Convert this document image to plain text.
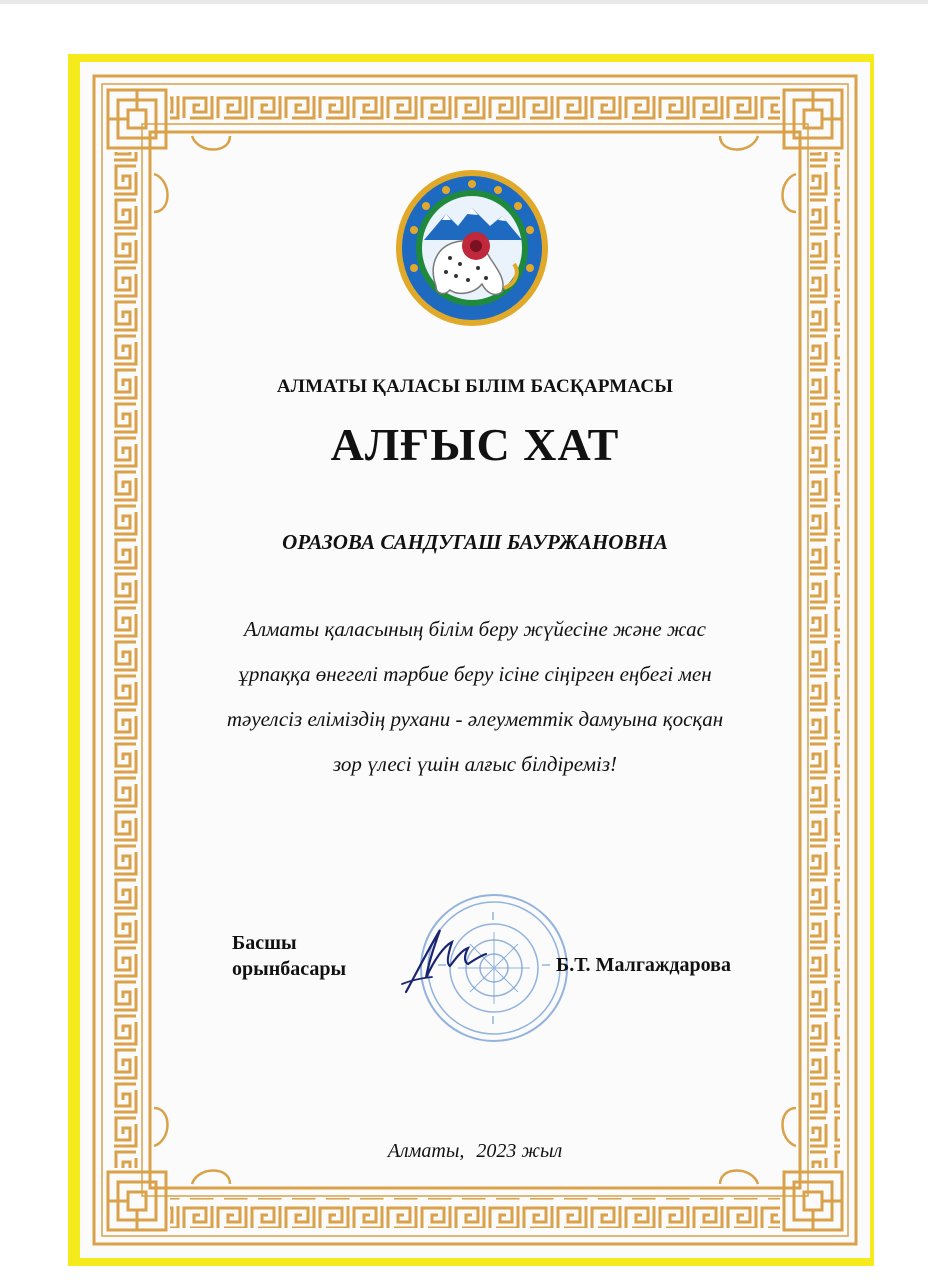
АЛМАТЫ ҚАЛАСЫ БІЛІМ БАСҚАРМАСЫ
АЛҒЫС ХАТ
ОРАЗОВА САНДУГАШ БАУРЖАНОВНА
Алматы қаласының білім беру жүйесіне және жас
ұрпаққа өнегелі тәрбие беру ісіне сіңірген еңбегі мен
тәуелсіз еліміздің рухани - әлеуметтік дамуына қосқан
зор үлесі үшін алғыс білдіреміз!
Басшы
орынбасары	Б.Т. Малгаждарова
Алматы, 2023 жыл
